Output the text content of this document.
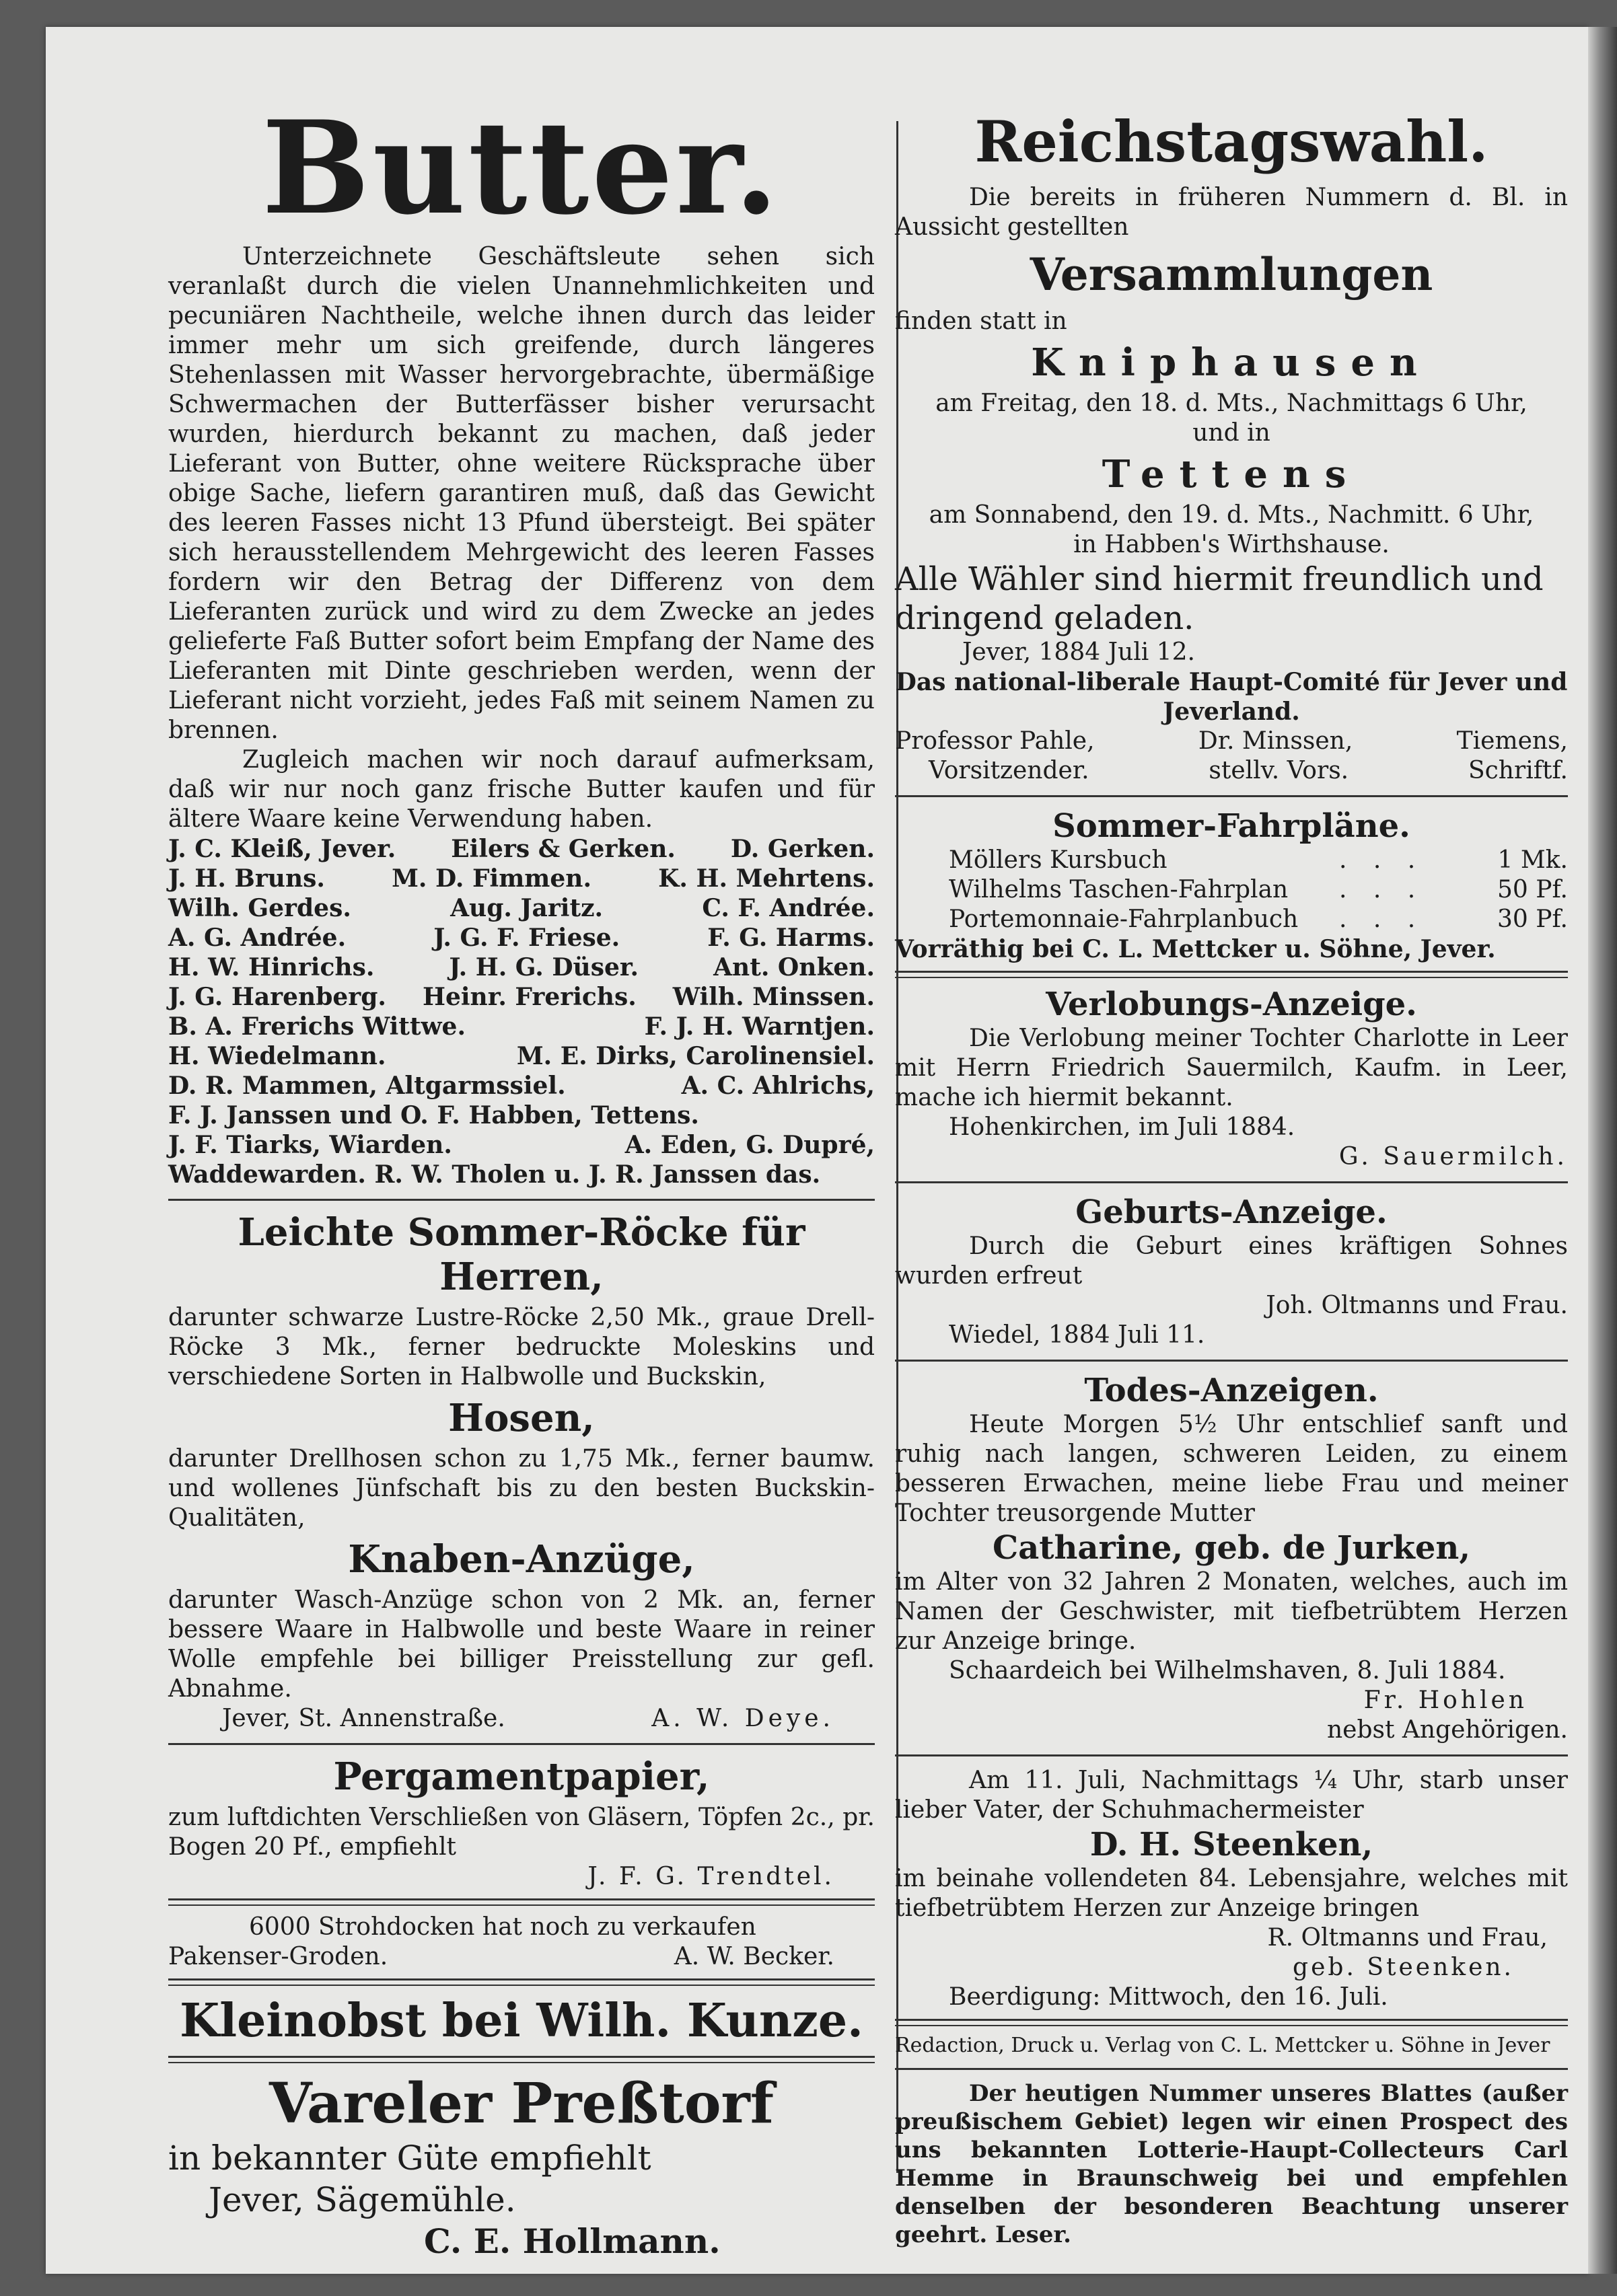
Butter.

Unterzeichnete Geschäftsleute sehen sich veranlaßt durch die vielen Unannehmlichkeiten und pecuniären Nachtheile, welche ihnen durch das leider immer mehr um sich greifende, durch längeres Stehenlassen mit Wasser hervorgebrachte, übermäßige Schwermachen der Butterfässer bisher verursacht wurden, hierdurch bekannt zu machen, daß jeder Lieferant von Butter, ohne weitere Rücksprache über obige Sache, liefern garantiren muß, daß das Gewicht des leeren Fasses nicht 13 Pfund übersteigt. Bei später sich herausstellendem Mehrgewicht des leeren Fasses fordern wir den Betrag der Differenz von dem Lieferanten zurück und wird zu dem Zwecke an jedes gelieferte Faß Butter sofort beim Empfang der Name des Lieferanten mit Dinte geschrieben werden, wenn der Lieferant nicht vorzieht, jedes Faß mit seinem Namen zu brennen.

Zugleich machen wir noch darauf aufmerksam, daß wir nur noch ganz frische Butter kaufen und für ältere Waare keine Verwendung haben.

J. C. Kleiß, Jever. Eilers & Gerken. D. Gerken.
J. H. Bruns.	M. D. Fimmen.	K. H. Mehrtens.
Wilh. Gerdes.	Aug. Jaritz.	C. F. Andrée.
A. G. Andrée.	J. G. F. Friese.	F. G. Harms.
H. W. Hinrichs.	J. H. G. Düser.	Ant. Onken.
J. G. Harenberg. Heinr. Frerichs. Wilh. Minssen.
B. A. Frerichs Wittwe.	F. J. H. Warntjen.
H. Wiedelmann.	M. E. Dirks, Carolinensiel.
D. R. Mammen, Altgarmssiel.	A. C. Ahlrichs,
F. J. Janssen und O. F. Habben, Tettens.
J. F. Tiarks, Wiarden.	A. Eden, G. Dupré,
Waddewarden. R. W. Tholen u. J. R. Janssen das.
Leichte Sommer-Röcke für Herren,

darunter schwarze Lustre-Röcke 2,50 Mk., graue Drell-Röcke 3 Mk., ferner bedruckte Moleskins und verschiedene Sorten in Halbwolle und Buckskin,

Hosen,

darunter Drellhosen schon zu 1,75 Mk., ferner baumw. und wollenes Jünfschaft bis zu den besten Buckskin-Qualitäten,

Knaben-Anzüge,

darunter Wasch-Anzüge schon von 2 Mk. an, ferner bessere Waare in Halbwolle und beste Waare in reiner Wolle empfehle bei billiger Preisstellung zur gefl. Abnahme.

Jever, St. Annenstraße.	A. W. Deye.
Pergamentpapier,

zum luftdichten Verschließen von Gläsern, Töpfen 2c., pr. Bogen 20 Pf., empfiehlt

J. F. G. Trendtel.
6000 Strohdocken hat noch zu verkaufen
Pakenser-Groden.	A. W. Becker.
Kleinobst bei Wilh. Kunze.
Vareler Preßtorf
in bekannter Güte empfiehlt
Jever, Sägemühle.
C. E. Hollmann.
Reichstagswahl.

Die bereits in früheren Nummern d. Bl. in Aussicht gestellten

Versammlungen
finden statt in
Kniphausen
am Freitag, den 18. d. Mts., Nachmittags 6 Uhr,
und in
Tettens
am Sonnabend, den 19. d. Mts., Nachmitt. 6 Uhr,
in Habben's Wirthshause.
Alle Wähler sind hiermit freundlich und dringend geladen.
Jever, 1884 Juli 12.
Das national-liberale Haupt-Comité für Jever und Jeverland.
Professor Pahle,	Dr. Minssen,	Tiemens,
Vorsitzender.	stellv. Vors.	Schriftf.
Sommer-Fahrpläne.
Möllers Kursbuch	. . .	1 Mk.
Wilhelms Taschen-Fahrplan	. . .	50 Pf.
Portemonnaie-Fahrplanbuch	. . .	30 Pf.
Vorräthig bei C. L. Mettcker u. Söhne, Jever.
Verlobungs-Anzeige.

Die Verlobung meiner Tochter Charlotte in Leer mit Herrn Friedrich Sauermilch, Kaufm. in Leer, mache ich hiermit bekannt.

Hohenkirchen, im Juli 1884.
G. Sauermilch.
Geburts-Anzeige.

Durch die Geburt eines kräftigen Sohnes wurden erfreut

Joh. Oltmanns und Frau.
Wiedel, 1884 Juli 11.
Todes-Anzeigen.

Heute Morgen 5½ Uhr entschlief sanft und ruhig nach langen, schweren Leiden, zu einem besseren Erwachen, meine liebe Frau und meiner Tochter treusorgende Mutter

Catharine, geb. de Jurken,

im Alter von 32 Jahren 2 Monaten, welches, auch im Namen der Geschwister, mit tiefbetrübtem Herzen zur Anzeige bringe.

Schaardeich bei Wilhelmshaven, 8. Juli 1884.
Fr. Hohlen
nebst Angehörigen.

Am 11. Juli, Nachmittags ¼ Uhr, starb unser lieber Vater, der Schuhmachermeister

D. H. Steenken,

im beinahe vollendeten 84. Lebensjahre, welches mit tiefbetrübtem Herzen zur Anzeige bringen

R. Oltmanns und Frau,
geb. Steenken.
Beerdigung: Mittwoch, den 16. Juli.
Redaction, Druck u. Verlag von C. L. Mettcker u. Söhne in Jever

Der heutigen Nummer unseres Blattes (außer preußischem Gebiet) legen wir einen Prospect des uns bekannten Lotterie-Haupt-Collecteurs Carl Hemme in Braunschweig bei und empfehlen denselben der besonderen Beachtung unserer geehrt. Leser.
